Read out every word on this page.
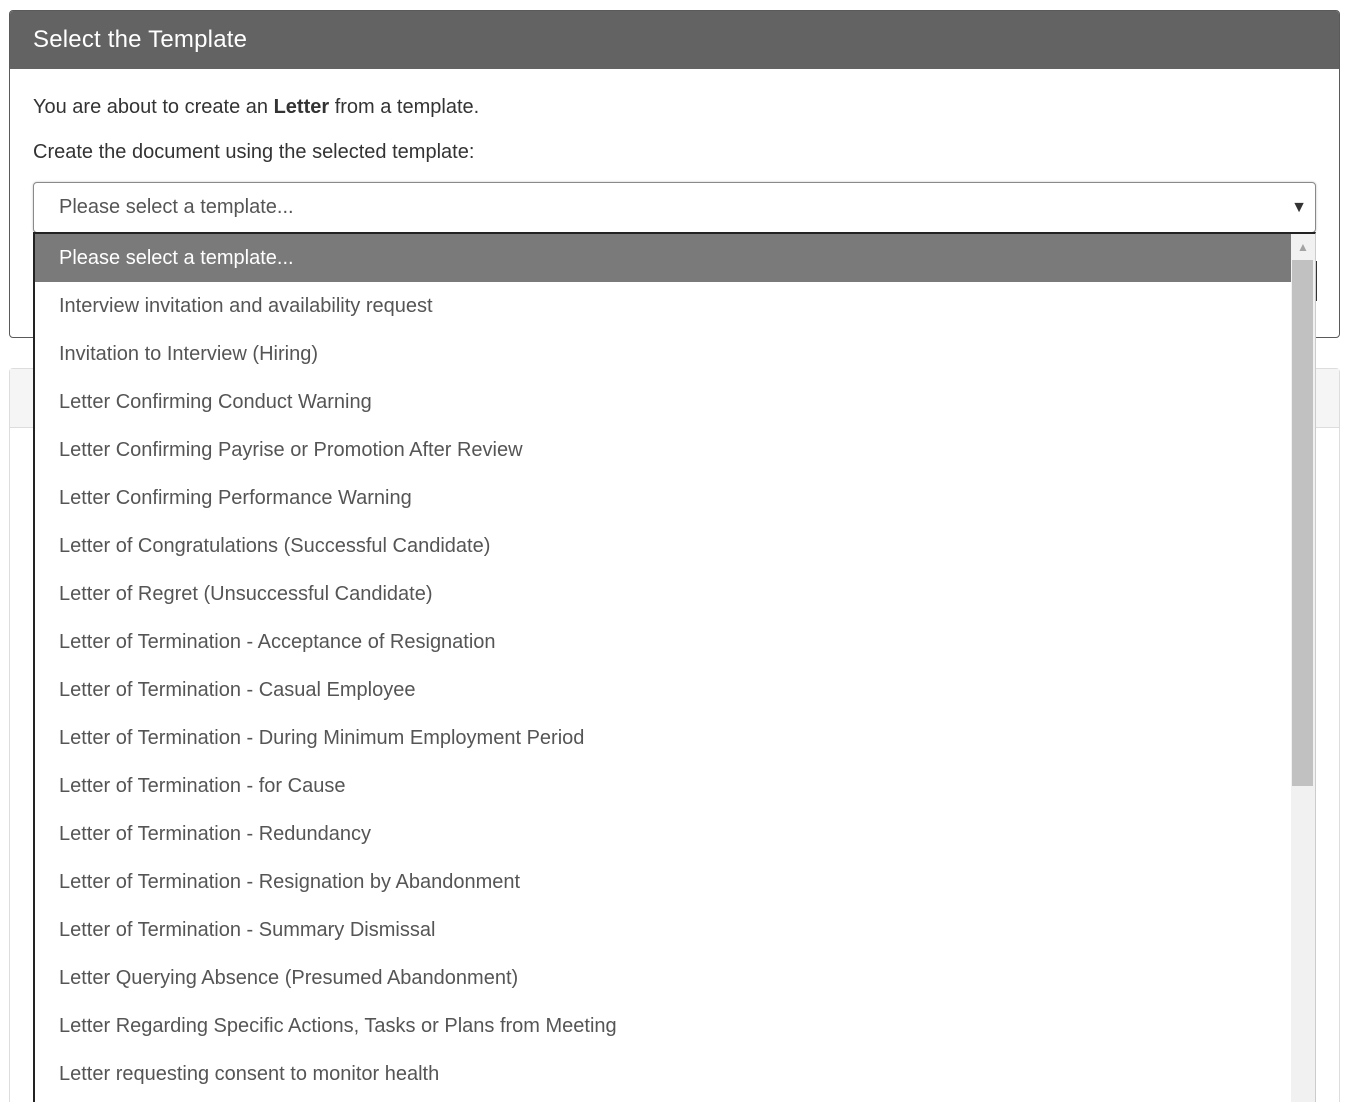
Select the Template

You are about to create an Letter from a template.

Create the document using the selected template:

Please select a template...	▼
Please select a template...
Interview invitation and availability request
Invitation to Interview (Hiring)
Letter Confirming Conduct Warning
Letter Confirming Payrise or Promotion After Review
Letter Confirming Performance Warning
Letter of Congratulations (Successful Candidate)
Letter of Regret (Unsuccessful Candidate)
Letter of Termination - Acceptance of Resignation
Letter of Termination - Casual Employee
Letter of Termination - During Minimum Employment Period
Letter of Termination - for Cause
Letter of Termination - Redundancy
Letter of Termination - Resignation by Abandonment
Letter of Termination - Summary Dismissal
Letter Querying Absence (Presumed Abandonment)
Letter Regarding Specific Actions, Tasks or Plans from Meeting
Letter requesting consent to monitor health
▲
